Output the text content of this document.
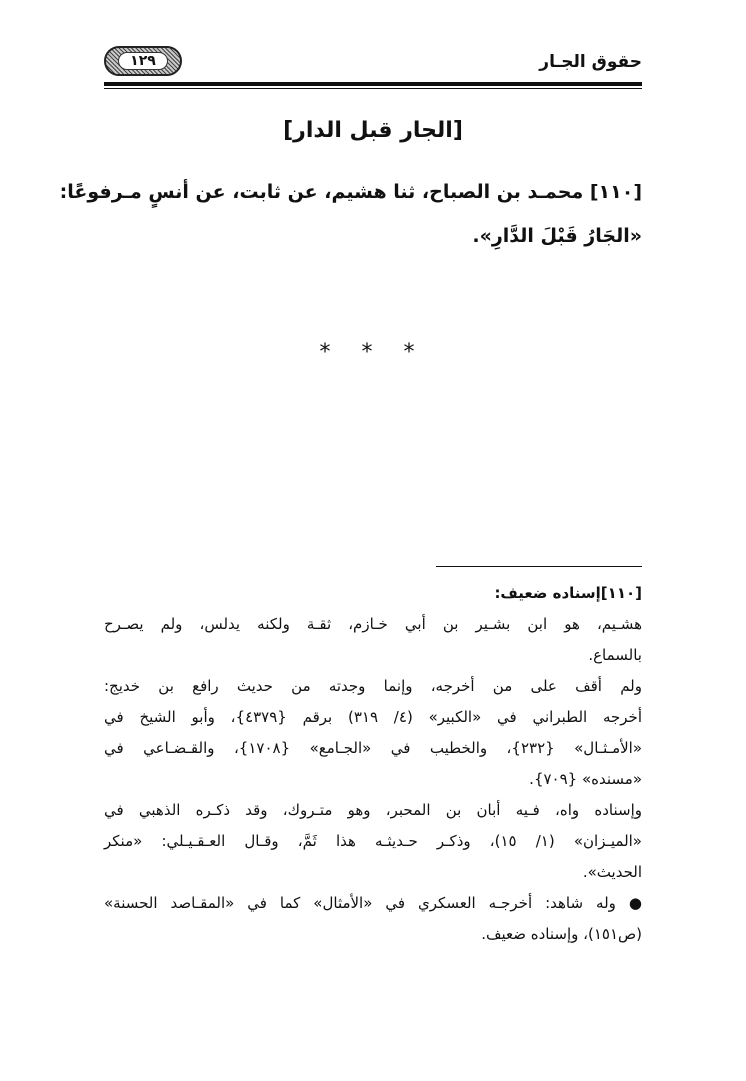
١٢٩	حقوق الجـار
[الجار قبل الدار]
[١١٠] محمـد بن الصباح، ثنا هشيم، عن ثابت، عن أنسٍ مـرفوعًا:
«الجَارُ قَبْلَ الدَّارِ».
* * *
[١١٠]إسناده ضعيف:
هشـيم، هو ابن بشـير بن أبي خـازم، ثقـة ولكنه يدلس، ولم يصـرح
بالسماع.
ولم أقف على من أخرجه، وإنما وجدته من حديث رافع بن خديج:
أخرجه الطبراني في «الكبير» (٤/ ٣١٩) برقم {٤٣٧٩}، وأبو الشيخ في
«الأمـثـال» {٢٣٢}، والخطيب في «الجـامع» {١٧٠٨}، والقـضـاعي في
«مسنده» {٧٠٩}.
وإسناده واه، فـيه أبان بن المحبر، وهو متـروك، وقد ذكـره الذهبي في
«الميـزان» (١/ ١٥)، وذكـر حـديثـه هذا ثَمَّ، وقـال العـقـيـلي: «منكر
الحديث».
● وله شاهد: أخرجـه العسكري في «الأمثال» كما في «المقـاصد الحسنة»
(ص١٥١)، وإسناده ضعيف.
